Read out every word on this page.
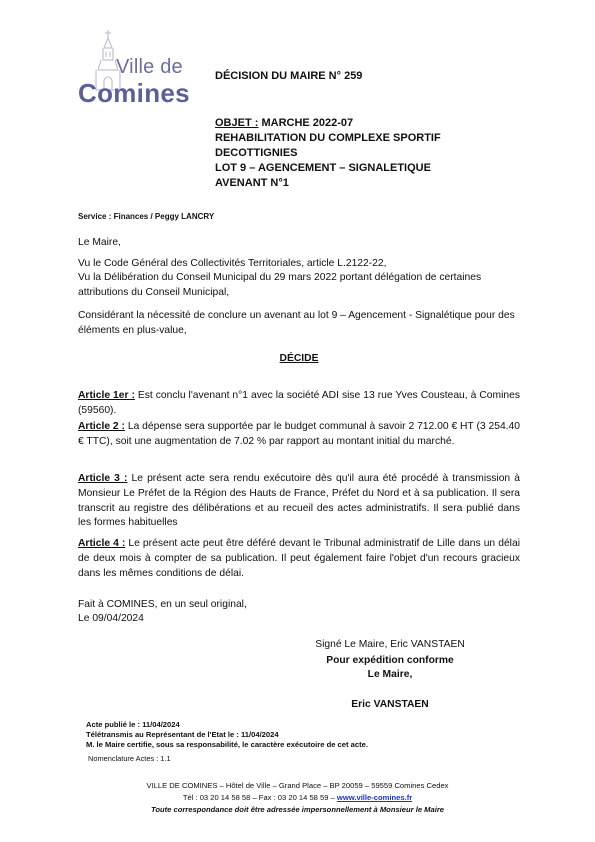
Ville de
Comines
DÉCISION DU MAIRE N° 259
OBJET : MARCHE 2022-07
REHABILITATION DU COMPLEXE SPORTIF
DECOTTIGNIES
LOT 9 – AGENCEMENT – SIGNALETIQUE
AVENANT N°1
Service : Finances / Peggy LANCRY
Le Maire,
Vu le Code Général des Collectivités Territoriales, article L.2122-22,
Vu la Délibération du Conseil Municipal du 29 mars 2022 portant délégation de certaines attributions du Conseil Municipal,
Considérant la nécessité de conclure un avenant au lot 9 – Agencement - Signalétique pour des éléments en plus-value,
DÉCIDE
Article 1er : Est conclu l'avenant n°1 avec la société ADI sise 13 rue Yves Cousteau, à Comines (59560).
Article 2 : La dépense sera supportée par le budget communal à savoir 2 712.00 € HT (3 254.40 € TTC), soit une augmentation de 7.02 % par rapport au montant initial du marché.
Article 3 : Le présent acte sera rendu exécutoire dès qu'il aura été procédé à transmission à Monsieur Le Préfet de la Région des Hauts de France, Préfet du Nord et à sa publication. Il sera transcrit au registre des délibérations et au recueil des actes administratifs. Il sera publié dans les formes habituelles
Article 4 : Le présent acte peut être déféré devant le Tribunal administratif de Lille dans un délai de deux mois à compter de sa publication. Il peut également faire l'objet d'un recours gracieux dans les mêmes conditions de délai.
Fait à COMINES, en un seul original,
Le 09/04/2024
Signé Le Maire, Eric VANSTAEN
Pour expédition conforme
Le Maire,
Eric VANSTAEN
Acte publié le : 11/04/2024
Télétransmis au Représentant de l'Etat le : 11/04/2024
M. le Maire certifie, sous sa responsabilité, le caractère exécutoire de cet acte.
Nomenclature Actes : 1.1
VILLE DE COMINES – Hôtel de Ville – Grand Place – BP 20059 – 59559 Comines Cedex
Tél : 03 20 14 58 58 – Fax : 03 20 14 58 59 – www.ville-comines.fr
Toute correspondance doit être adressée impersonnellement à Monsieur le Maire
